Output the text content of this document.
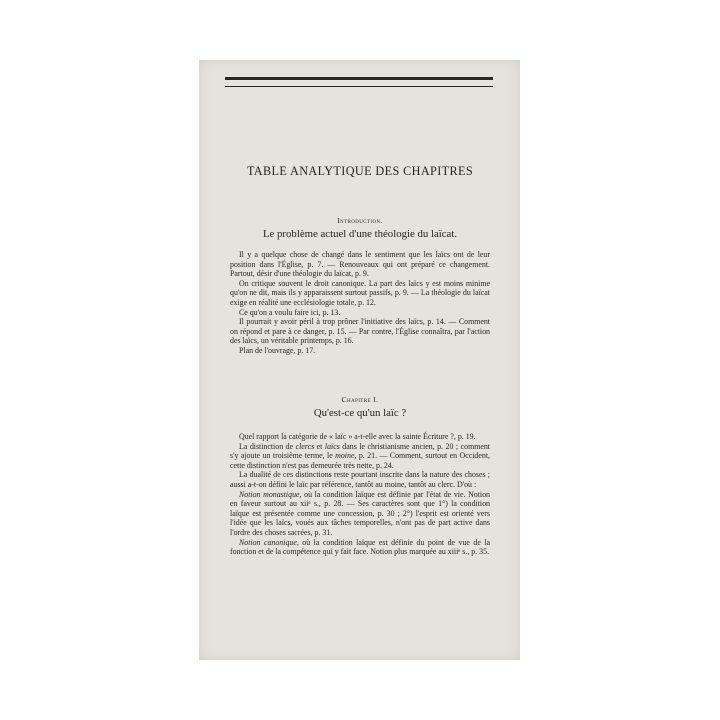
TABLE ANALYTIQUE DES CHAPITRES
Introduction.
Le problème actuel d'une théologie du laïcat.

Il y a quelque chose de changé dans le sentiment que les laïcs ont de leur position dans l'Église, p. 7. — Renouveaux qui ont préparé ce changement. Partout, désir d'une théologie du laïcat, p. 9.

On critique souvent le droit canonique. La part des laïcs y est moins minime qu'on ne dit, mais ils y apparaissent surtout passifs, p. 9. — La théologie du laïcat exige en réalité une ecclésiologie totale, p. 12.

Ce qu'on a voulu faire ici, p. 13.

Il pourrait y avoir péril à trop prôner l'initiative des laïcs, p. 14. — Comment on répond et pare à ce danger, p. 15. — Par contre, l'Église connaîtra, par l'action des laïcs, un véritable printemps, p. 16.

Plan de l'ouvrage, p. 17.

Chapitre I.
Qu'est-ce qu'un laïc ?

Quel rapport la catégorie de « laïc » a-t-elle avec la sainte Écriture ?, p. 19.

La distinction de clercs et laïcs dans le christianisme ancien, p. 20 ; comment s'y ajoute un troisième terme, le moine, p. 21. — Comment, surtout en Occident, cette distinction n'est pas demeurée très nette, p. 24.

La dualité de ces distinctions reste pourtant inscrite dans la nature des choses ; aussi a-t-on défini le laïc par référence, tantôt au moine, tantôt au clerc. D'où :

Notion monastique, où la condition laïque est définie par l'état de vie. Notion en faveur surtout au xiiᵉ s., p. 28. — Ses caractères sont que 1°) la condition laïque est présentée comme une concession, p. 30 ; 2°) l'esprit est orienté vers l'idée que les laïcs, voués aux tâches temporelles, n'ont pas de part active dans l'ordre des choses sacrées, p. 31.

Notion canonique, où la condition laïque est définie du point de vue de la fonction et de la compétence qui y fait face. Notion plus marquée au xiiiᵉ s., p. 35.
